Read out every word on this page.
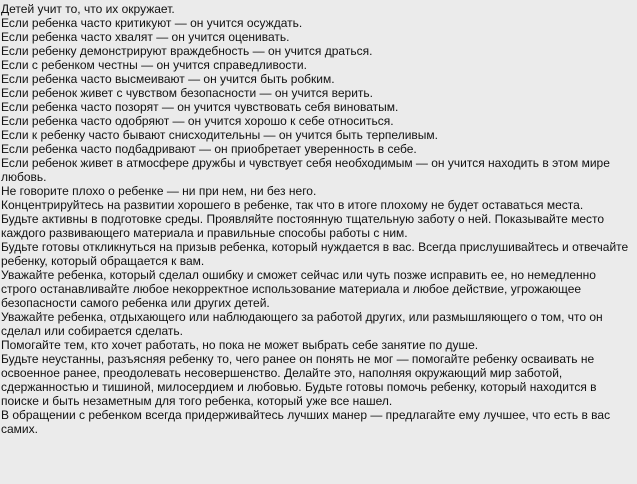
Детей учит то, что их окружает.
Если ребенка часто критикуют — он учится осуждать.
Если ребенка часто хвалят — он учится оценивать.
Если ребенку демонстрируют враждебность — он учится драться.
Если с ребенком честны — он учится справедливости.
Если ребенка часто высмеивают — он учится быть робким.
Если ребенок живет с чувством безопасности — он учится верить.
Если ребенка часто позорят — он учится чувствовать себя виноватым.
Если ребенка часто одобряют — он учится хорошо к себе относиться.
Если к ребенку часто бывают снисходительны — он учится быть терпеливым.
Если ребенка часто подбадривают — он приобретает уверенность в себе.
Если ребенок живет в атмосфере дружбы и чувствует себя необходимым — он учится находить в этом мире любовь.
Не говорите плохо о ребенке — ни при нем, ни без него.
Концентрируйтесь на развитии хорошего в ребенке, так что в итоге плохому не будет оставаться места.
Будьте активны в подготовке среды. Проявляйте постоянную тщательную заботу о ней. Показывайте место каждого развивающего материала и правильные способы работы с ним.
Будьте готовы откликнуться на призыв ребенка, который нуждается в вас. Всегда прислушивайтесь и отвечайте ребенку, который обращается к вам.
Уважайте ребенка, который сделал ошибку и сможет сейчас или чуть позже исправить ее, но немедленно строго останавливайте любое некорректное использование материала и любое действие, угрожающее безопасности самого ребенка или других детей.
Уважайте ребенка, отдыхающего или наблюдающего за работой других, или размышляющего о том, что он сделал или собирается сделать.
Помогайте тем, кто хочет работать, но пока не может выбрать себе занятие по душе.
Будьте неустанны, разъясняя ребенку то, чего ранее он понять не мог — помогайте ребенку осваивать не освоенное ранее, преодолевать несовершенство. Делайте это, наполняя окружающий мир заботой, сдержанностью и тишиной, милосердием и любовью. Будьте готовы помочь ребенку, который находится в поиске и быть незаметным для того ребенка, который уже все нашел.
В обращении с ребенком всегда придерживайтесь лучших манер — предлагайте ему лучшее, что есть в вас самих.
